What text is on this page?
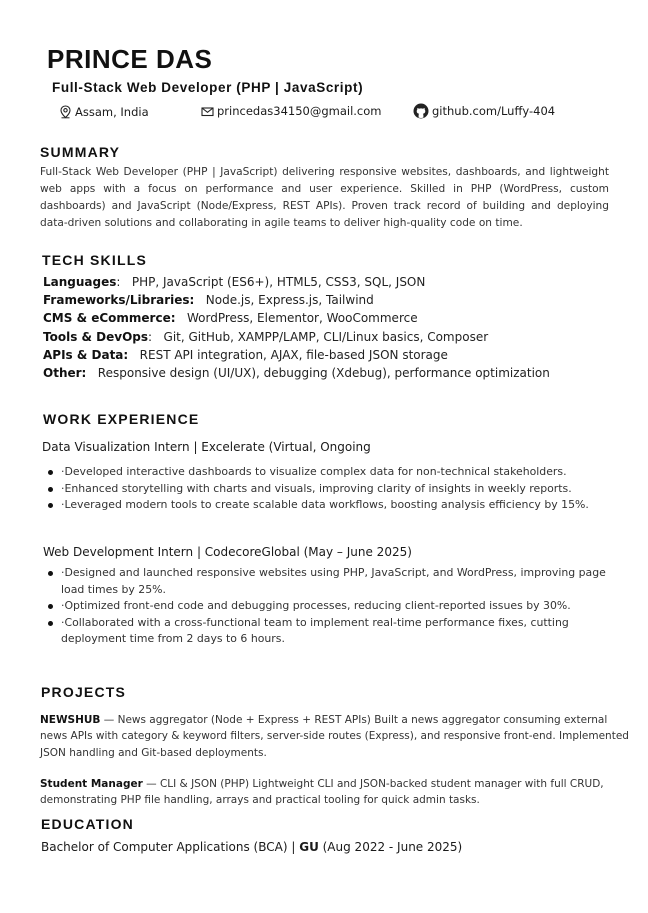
PRINCE DAS
Full-Stack Web Developer (PHP | JavaScript)
Assam, India	princedas34150@gmail.com	github.com/Luffy-404
SUMMARY
Full-Stack Web Developer (PHP | JavaScript) delivering responsive websites, dashboards, and lightweight web apps with a focus on performance and user experience. Skilled in PHP (WordPress, custom dashboards) and JavaScript (Node/Express, REST APIs). Proven track record of building and deploying data-driven solutions and collaborating in agile teams to deliver high-quality code on time.
TECH SKILLS
Languages: PHP, JavaScript (ES6+), HTML5, CSS3, SQL, JSON
Frameworks/Libraries: Node.js, Express.js, Tailwind
CMS & eCommerce: WordPress, Elementor, WooCommerce
Tools & DevOps: Git, GitHub, XAMPP/LAMP, CLI/Linux basics, Composer
APIs & Data: REST API integration, AJAX, file-based JSON storage
Other: Responsive design (UI/UX), debugging (Xdebug), performance optimization
WORK EXPERIENCE
Data Visualization Intern | Excelerate (Virtual, Ongoing
·Developed interactive dashboards to visualize complex data for non-technical stakeholders.
·Enhanced storytelling with charts and visuals, improving clarity of insights in weekly reports.
·Leveraged modern tools to create scalable data workflows, boosting analysis efficiency by 15%.
Web Development Intern | CodecoreGlobal (May – June 2025)
·Designed and launched responsive websites using PHP, JavaScript, and WordPress, improving page load times by 25%.
·Optimized front-end code and debugging processes, reducing client-reported issues by 30%.
·Collaborated with a cross-functional team to implement real-time performance fixes, cutting deployment time from 2 days to 6 hours.
PROJECTS
NEWSHUB — News aggregator (Node + Express + REST APIs) Built a news aggregator consuming external news APIs with category & keyword filters, server-side routes (Express), and responsive front-end. Implemented JSON handling and Git-based deployments.
Student Manager — CLI & JSON (PHP) Lightweight CLI and JSON-backed student manager with full CRUD, demonstrating PHP file handling, arrays and practical tooling for quick admin tasks.
EDUCATION
Bachelor of Computer Applications (BCA) | GU (Aug 2022 - June 2025)
